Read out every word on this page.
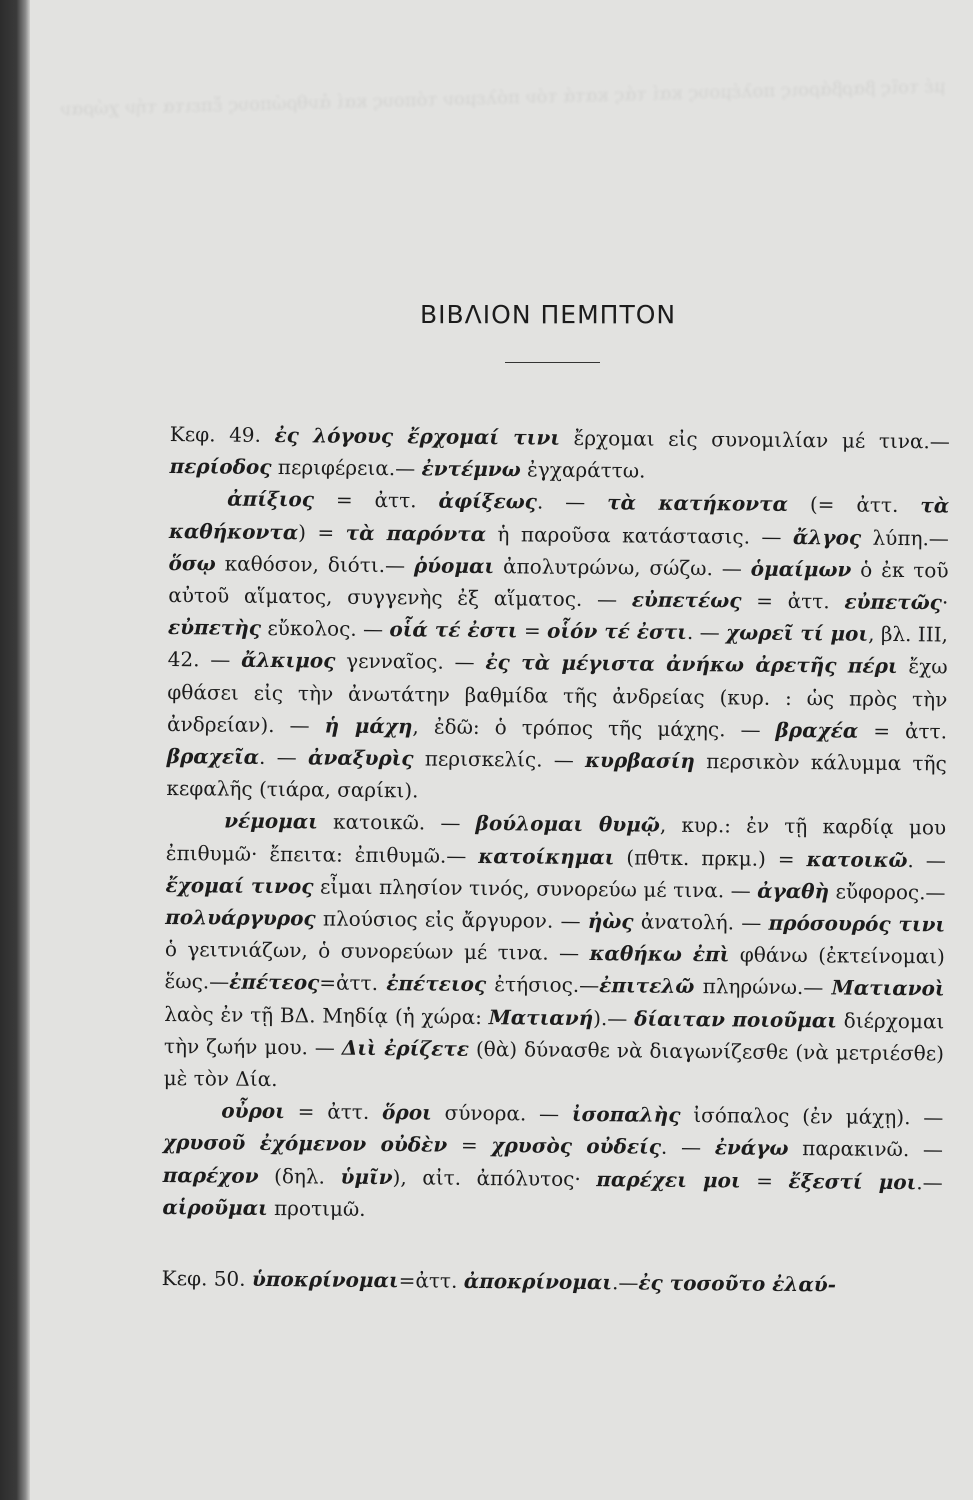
μέ τοῖς βαρβάροις πολέμους καί τάς κατά τόν πόλεμον τόπους καί ἀνθρώπους ἔπειτα τήν χώραν
ΒΙΒΛΙΟΝ ΠΕΜΠΤΟΝ

Κεφ. 49. ἐς λόγους ἔρχομαί τινι ἔρχομαι εἰς συνομιλίαν μέ τινα.— περίοδος περιφέρεια.— ἐντέμνω ἐγχαράττω.

ἀπίξιος = ἀττ. ἀφίξεως. — τὰ κατήκοντα (= ἀττ. τὰ καθήκοντα) = τὰ παρόντα ἡ παροῦσα κατάστασις. — ἄλγος λύπη.—ὅσῳ καθόσον, διότι.— ῥύομαι ἀπολυτρώνω, σώζω. — ὁμαίμων ὁ ἐκ τοῦ αὐτοῦ αἵματος, συγγενὴς ἐξ αἵματος. — εὐπετέως = ἀττ. εὐπετῶς· εὐπετὴς εὔκολος. — οἷά τέ ἐστι = οἷόν τέ ἐστι. — χωρεῖ τί μοι, βλ. III, 42. — ἄλκιμος γενναῖος. — ἐς τὰ μέγιστα ἀνήκω ἀρετῆς πέρι ἔχω φθάσει εἰς τὴν ἀνωτάτην βαθμίδα τῆς ἀνδρείας (κυρ. : ὡς πρὸς τὴν ἀνδρείαν). — ἡ μάχη, ἐδῶ: ὁ τρόπος τῆς μάχης. — βραχέα = ἀττ. βραχεῖα. — ἀναξυρὶς περισκελίς. — κυρβασίη περσικὸν κάλυμμα τῆς κεφαλῆς (τιάρα, σαρίκι).

νέμομαι κατοικῶ. — βούλομαι θυμῷ, κυρ.: ἐν τῇ καρδίᾳ μου ἐπιθυμῶ· ἔπειτα: ἐπιθυμῶ.— κατοίκημαι (πθτκ. πρκμ.) = κατοικῶ. — ἔχομαί τινος εἶμαι πλησίον τινός, συνορεύω μέ τινα. — ἀγαθὴ εὔφορος.— πολυάργυρος πλούσιος εἰς ἄργυρον. — ἠὼς ἀνατολή. — πρόσουρός τινι ὁ γειτνιάζων, ὁ συνορεύων μέ τινα. — καθήκω ἐπὶ φθάνω (ἐκτείνομαι) ἕως.—ἐπέτεος=ἀττ. ἐπέτειος ἐτήσιος.—ἐπιτελῶ πληρώνω.— Ματιανοὶ λαὸς ἐν τῇ ΒΔ. Μηδίᾳ (ἡ χώρα: Ματιανή).— δίαιταν ποιοῦμαι διέρχομαι τὴν ζωήν μου. — Διὶ ἐρίζετε (θὰ) δύνασθε νὰ διαγωνίζεσθε (νὰ μετριέσθε) μὲ τὸν Δία.

οὖροι = ἀττ. ὅροι σύνορα. — ἰσοπαλὴς ἰσόπαλος (ἐν μάχῃ). — χρυσοῦ ἐχόμενον οὐδὲν = χρυσὸς οὐδείς. — ἐνάγω παρακινῶ. — παρέχον (δηλ. ὑμῖν), αἰτ. ἀπόλυτος· παρέχει μοι = ἔξεστί μοι.— αἱροῦμαι προτιμῶ.

Κεφ. 50. ὑποκρίνομαι=ἀττ. ἀποκρίνομαι.—ἐς τοσοῦτο ἐλαύ-
